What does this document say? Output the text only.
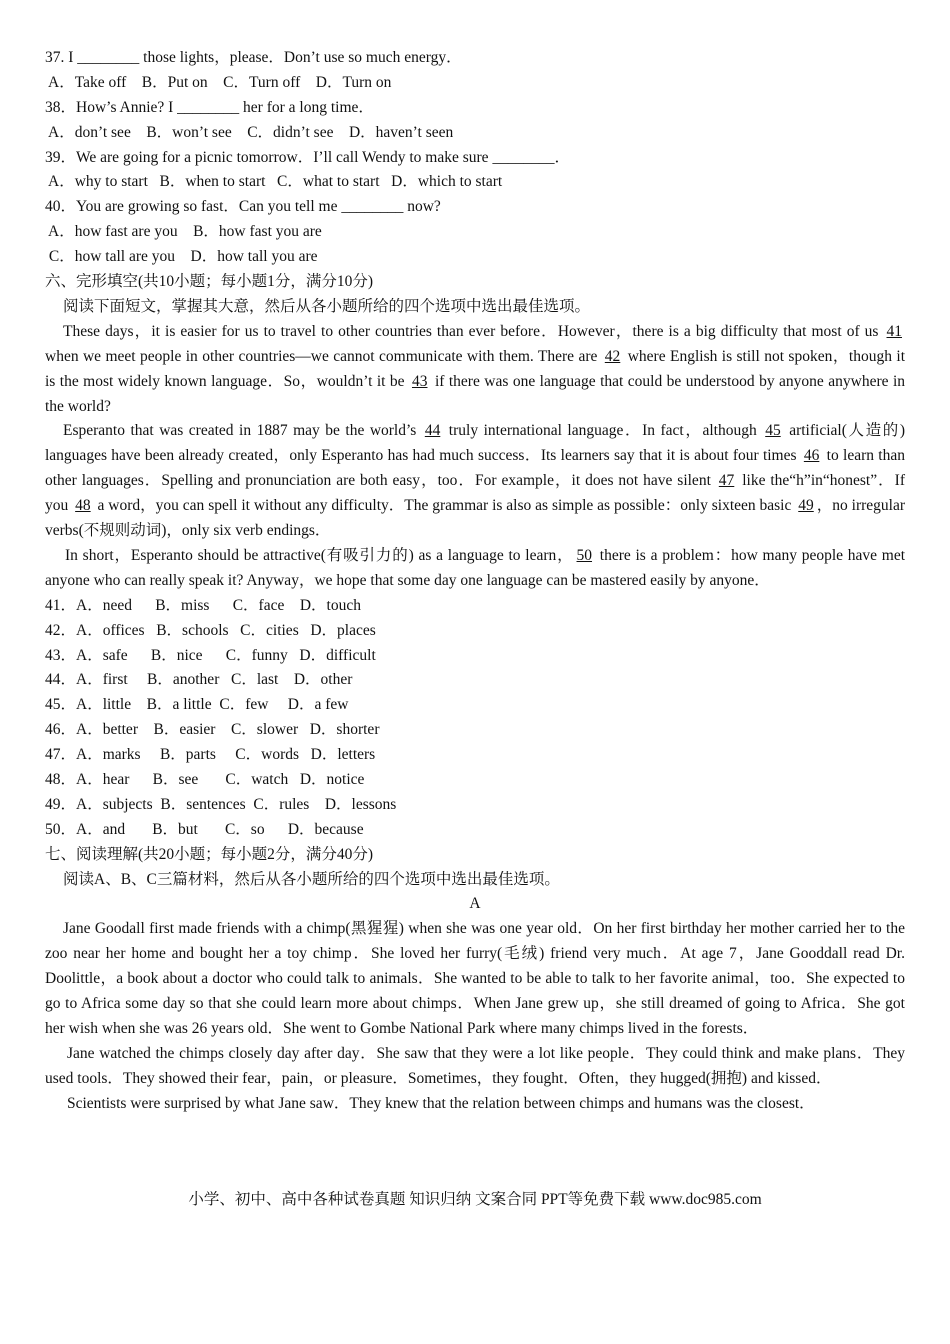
37. I ________ those lights，please．Don’t use so much energy．
A．Take off    B．Put on    C．Turn off    D．Turn on
38．How’s Annie? I ________ her for a long time．
A．don’t see    B．won’t see    C．didn’t see    D．haven’t seen
39．We are going for a picnic tomorrow．I’ll call Wendy to make sure ________．
A．why to start   B．when to start   C．what to start   D．which to start
40．You are growing so fast．Can you tell me ________ now?
A．how fast are you    B．how fast you are
C．how tall are you    D．how tall you are
六、完形填空(共10小题；每小题1分，满分10分)
阅读下面短文，掌握其大意，然后从各小题所给的四个选项中选出最佳选项。
These days，it is easier for us to travel to other countries than ever before．However，there is a big difficulty that most of us 41 when we meet people in other countries—we cannot communicate with them. There are 42 where English is still not spoken，though it is the most widely known language．So，wouldn’t it be 43 if there was one language that could be understood by anyone anywhere in the world?
Esperanto that was created in 1887 may be the world’s 44 truly international language．In fact，although 45 artificial(人造的) languages have been already created，only Esperanto has had much success．Its learners say that it is about four times 46 to learn than other languages．Spelling and pronunciation are both easy，too．For example，it does not have silent 47 like the“h”in“honest”．If you 48 a word，you can spell it without any difficulty．The grammar is also as simple as possible：only sixteen basic 49 ，no irregular verbs(不规则动词)，only six verb endings．
In short，Esperanto should be attractive(有吸引力的) as a language to learn， 50 there is a problem：how many people have met anyone who can really speak it? Anyway，we hope that some day one language can be mastered easily by anyone．
41．A．need      B．miss      C．face    D．touch
42．A．offices   B．schools   C．cities   D．places
43．A．safe      B．nice      C．funny   D．difficult
44．A．first     B．another   C．last    D．other
45．A．little    B．a little  C．few     D．a few
46．A．better    B．easier    C．slower   D．shorter
47．A．marks     B．parts     C．words   D．letters
48．A．hear      B．see       C．watch   D．notice
49．A．subjects  B．sentences  C．rules    D．lessons
50．A．and       B．but       C．so      D．because
七、阅读理解(共20小题；每小题2分，满分40分)
阅读A、B、C三篇材料，然后从各小题所给的四个选项中选出最佳选项。
A
Jane Goodall first made friends with a chimp(黑猩猩) when she was one year old．On her first birthday her mother carried her to the zoo near her home and bought her a toy chimp．She loved her furry(毛绒) friend very much．At age 7，Jane Gooddall read Dr. Doolittle，a book about a doctor who could talk to animals．She wanted to be able to talk to her favorite animal，too．She expected to go to Africa some day so that she could learn more about chimps．When Jane grew up，she still dreamed of going to Africa．She got her wish when she was 26 years old．She went to Gombe National Park where many chimps lived in the forests．
Jane watched the chimps closely day after day．She saw that they were a lot like people．They could think and make plans．They used tools．They showed their fear，pain，or pleasure．Sometimes，they fought．Often，they hugged(拥抱) and kissed．
Scientists were surprised by what Jane saw．They knew that the relation between chimps and humans was the closest．
小学、初中、高中各种试卷真题 知识归纳 文案合同 PPT等免费下载 www.doc985.com
